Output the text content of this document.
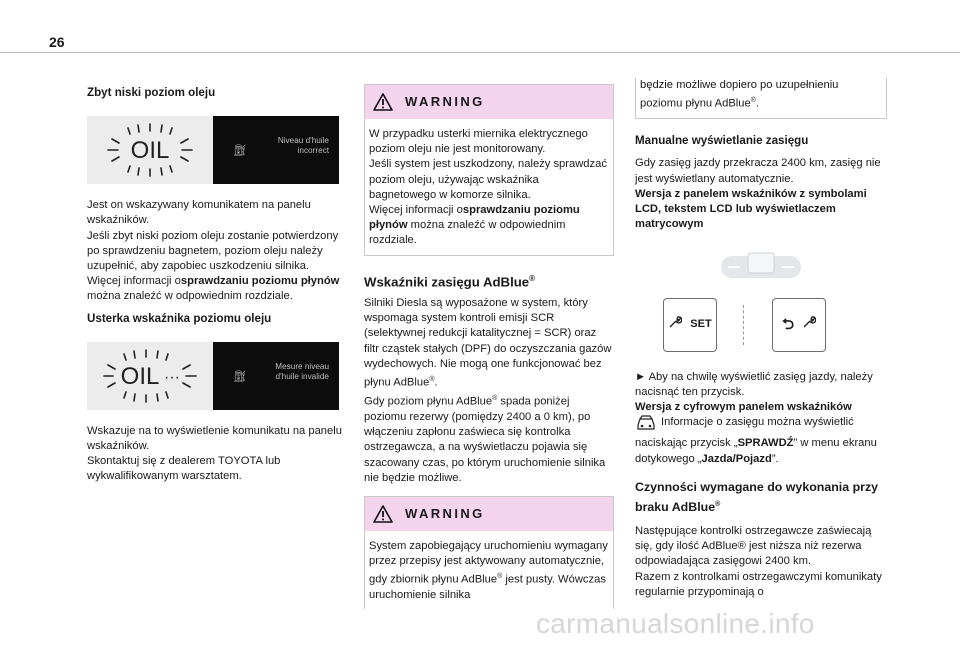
26
Zbyt niski poziom oleju
OIL	⛽︎
Niveau d'huile incorrect

Jest on wskazywany komunikatem na panelu wskaźników.

Jeśli zbyt niski poziom oleju zostanie potwierdzony po sprawdzeniu bagnetem, poziom oleju należy uzupełnić, aby zapobiec uszkodzeniu silnika.

Więcej informacji osprawdzaniu poziomu płynów można znaleźć w odpowiednim rozdziale.

Usterka wskaźnika poziomu oleju
OIL ···	⛽︎
Mesure niveau d'huile invalide

Wskazuje na to wyświetlenie komunikatu na panelu wskaźników.

Skontaktuj się z dealerem TOYOTA lub wykwalifikowanym warsztatem.

WARNING

W przypadku usterki miernika elektrycznego poziom oleju nie jest monitorowany.

Jeśli system jest uszkodzony, należy sprawdzać poziom oleju, używając wskaźnika bagnetowego w komorze silnika.

Więcej informacji osprawdzaniu poziomu płynów można znaleźć w odpowiednim rozdziale.

Wskaźniki zasięgu AdBlue®

Silniki Diesla są wyposażone w system, który wspomaga system kontroli emisji SCR (selektywnej redukcji katalitycznej = SCR) oraz filtr cząstek stałych (DPF) do oczyszczania gazów wydechowych. Nie mogą one funkcjonować bez płynu AdBlue®.

Gdy poziom płynu AdBlue® spada poniżej poziomu rezerwy (pomiędzy 2400 a 0 km), po włączeniu zapłonu zaświeca się kontrolka ostrzegawcza, a na wyświetlaczu pojawia się szacowany czas, po którym uruchomienie silnika nie będzie możliwe.

WARNING

System zapobiegający uruchomieniu wymagany przez przepisy jest aktywowany automatycznie, gdy zbiornik płynu AdBlue® jest pusty. Wówczas uruchomienie silnika

będzie możliwe dopiero po uzupełnieniu poziomu płynu AdBlue®.

Manualne wyświetlanie zasięgu

Gdy zasięg jazdy przekracza 2400 km, zasięg nie jest wyświetlany automatycznie.

Wersja z panelem wskaźników z symbolami LCD, tekstem LCD lub wyświetlaczem matrycowym

SET	⮌

► Aby na chwilę wyświetlić zasięg jazdy, należy nacisnąć ten przycisk.

Wersja z cyfrowym panelem wskaźników

Informacje o zasięgu można wyświetlić naciskając przycisk „SPRAWDŹ” w menu ekranu dotykowego „Jazda/Pojazd”.

Czynności wymagane do wykonania przy braku AdBlue®

Następujące kontrolki ostrzegawcze zaświecają się, gdy ilość AdBlue® jest niższa niż rezerwa odpowiadająca zasięgowi 2400 km.

Razem z kontrolkami ostrzegawczymi komunikaty regularnie przypominają o

carmanualsonline.info
